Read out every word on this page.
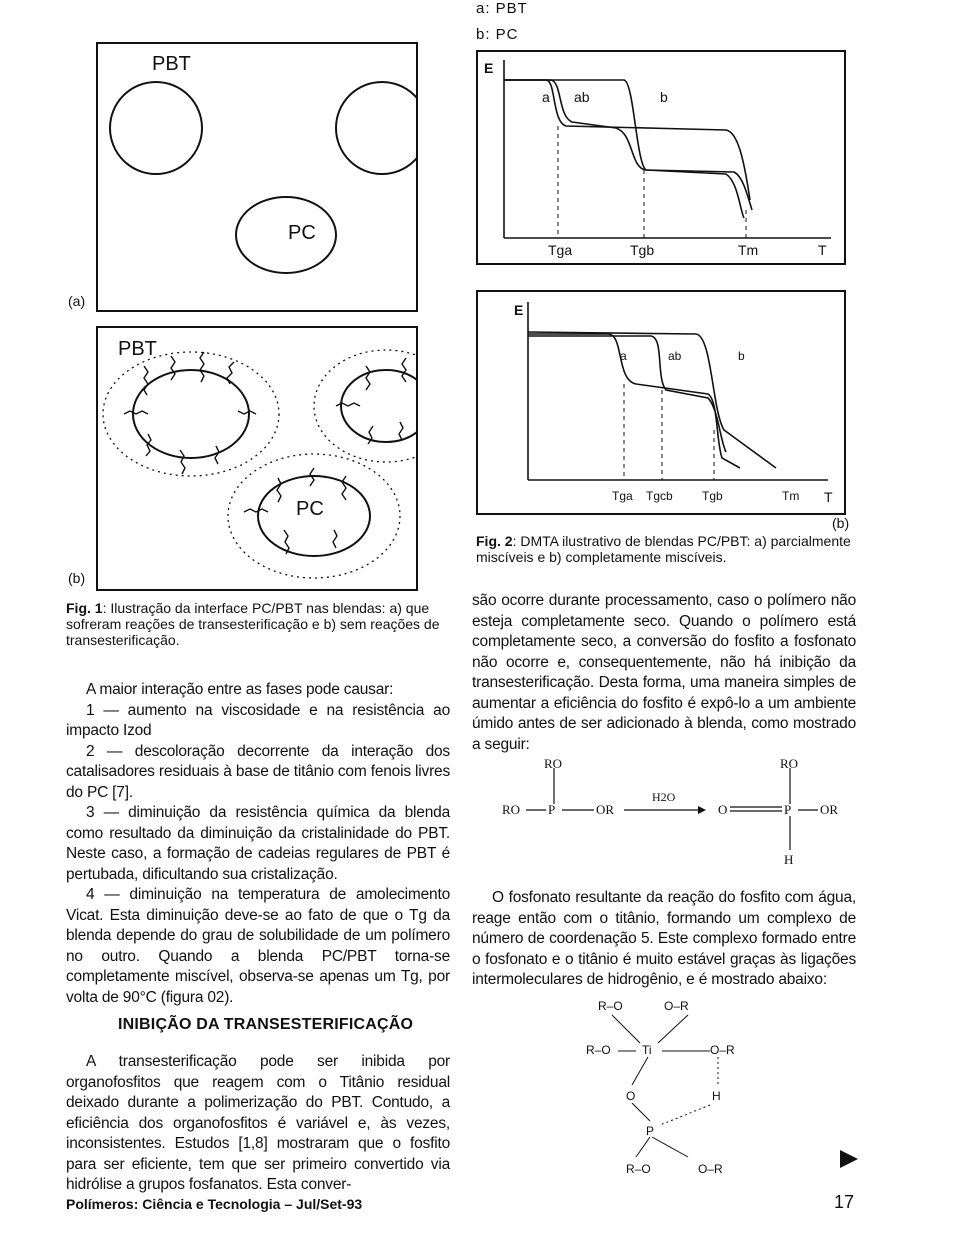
a: PBT
b: PC
PBT
PC
(a)
PBT
PC
(b)
Fig. 1: Ilustração da interface PC/PBT nas blendas: a) que sofreram reações de transesterificação e b) sem reações de transesterificação.
E
a ab	b
Tga	Tgb	Tm	T
E
a	ab	b
Tga Tgcb Tgb	Tm T
(b)
Fig. 2: DMTA ilustrativo de blendas PC/PBT: a) parcialmente miscíveis e b) completamente miscíveis.

A maior interação entre as fases pode causar:

1 — aumento na viscosidade e na resistência ao impacto Izod

2 — descoloração decorrente da interação dos catalisadores residuais à base de titânio com fenois livres do PC [7].

3 — diminuição da resistência química da blenda como resultado da diminuição da cristalinidade do PBT. Neste caso, a formação de cadeias regulares de PBT é pertubada, dificultando sua cristalização.

4 — diminuição na temperatura de amolecimento Vicat. Esta diminuição deve-se ao fato de que o Tg da blenda depende do grau de solubilidade de um polímero no outro. Quando a blenda PC/PBT torna-se completamente miscível, observa-se apenas um Tg, por volta de 90°C (figura 02).

INIBIÇÃO DA TRANSESTERIFICAÇÃO

A transesterificação pode ser inibida por organofosfitos que reagem com o Titânio residual deixado durante a polimerização do PBT. Contudo, a eficiência dos organofosfitos é variável e, às vezes, inconsistentes. Estudos [1,8] mostraram que o fosfito para ser eficiente, tem que ser primeiro convertido via hidrólise a grupos fosfanatos. Esta conver-

são ocorre durante processamento, caso o polímero não esteja completamente seco. Quando o polímero está completamente seco, a conversão do fosfito a fosfonato não ocorre e, consequentemente, não há inibição da transesterificação. Desta forma, uma maneira simples de aumentar a eficiência do fosfito é expô-lo a um ambiente úmido antes de ser adicionado à blenda, como mostrado a seguir:

RO
RO P	OR
H2O
RO
O	P OR
H

O fosfonato resultante da reação do fosfito com água, reage então com o titânio, formando um complexo de número de coordenação 5. Este complexo formado entre o fosfonato e o titânio é muito estável graças às ligações intermoleculares de hidrogênio, e é mostrado abaixo:

R–O	O–R
R–O	Ti	O–R
O	H
P
R–O	O–R
Polímeros: Ciência e Tecnologia – Jul/Set-93	17
